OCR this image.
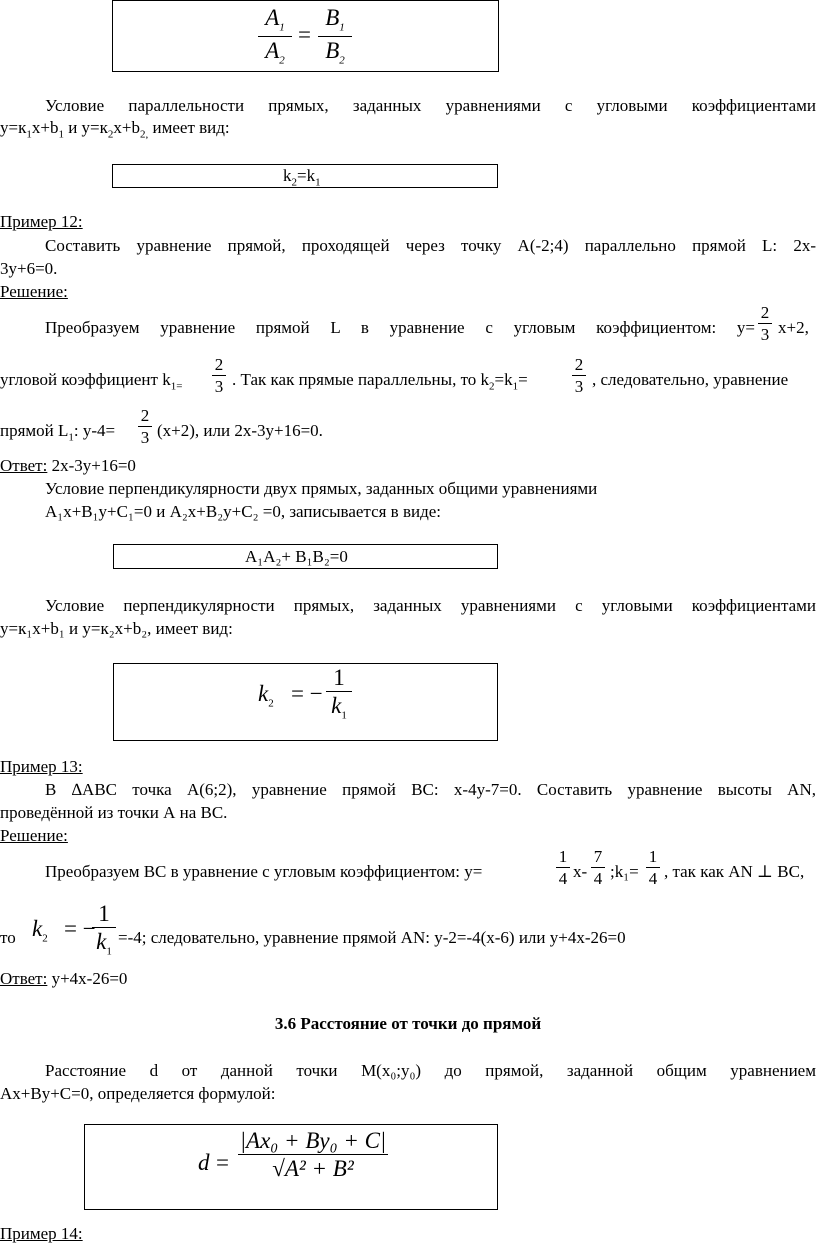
$A_1$
$A_2$
=
$B_1$
$B_2$
Условие параллельности прямых, заданных уравнениями с угловыми коэффициентами
$y=к_1x+b_1$ и $y=к_2x+b_{2,}$ имеет вид:
$k_2=k_1$
Пример 12:
Составить уравнение прямой, проходящей через точку А(-2;4) параллельно прямой L: 2x-
3y+6=0.
Решение:
Преобразуем уравнение прямой L в уравнение с угловым коэффициентом: y=
2
3 x+2,
угловой коэффициент $k_{1=}$
2
3 . Так как прямые параллельны, то $k_2=k_1=$
2
3 , следовательно, уравнение
прямой $L_1$: y-4=
2
3 (x+2), или 2x-3y+16=0.
Ответ: 2x-3y+16=0
Условие перпендикулярности двух прямых, заданных общими уравнениями
А₁x+В₁y+С₁=0 и А₂x+В₂y+С₂ =0, записывается в виде:
А₁А₂+ В₁В₂=0
Условие перпендикулярности прямых, заданных уравнениями с угловыми коэффициентами
y=к₁x+b₁ и y=к₂x+b₂, имеет вид:
$k_2$ = −
1
$k_1$
Пример 13:
В ∆АВС точка А(6;2), уравнение прямой ВС: x-4y-7=0. Составить уравнение высоты АN,
проведённой из точки А на ВС.
Решение:
Преобразуем ВС в уравнение с угловым коэффициентом: y=
1
4 x-
7
4 ;k₁=
1
4 , так как АN ⊥ ВС,
то $k_2$ = −
1
$k_1$
=-4; следовательно, уравнение прямой АN: y-2=-4(x-6) или y+4x-26=0
Ответ: y+4x-26=0
3.6 Расстояние от точки до прямой
Расстояние d от данной точки M(x₀;y₀) до прямой, заданной общим уравнением
Аx+Вy+С=0, определяется формулой:
d =
|Ax₀ + By₀ + C|
√A² + B²
Пример 14:
